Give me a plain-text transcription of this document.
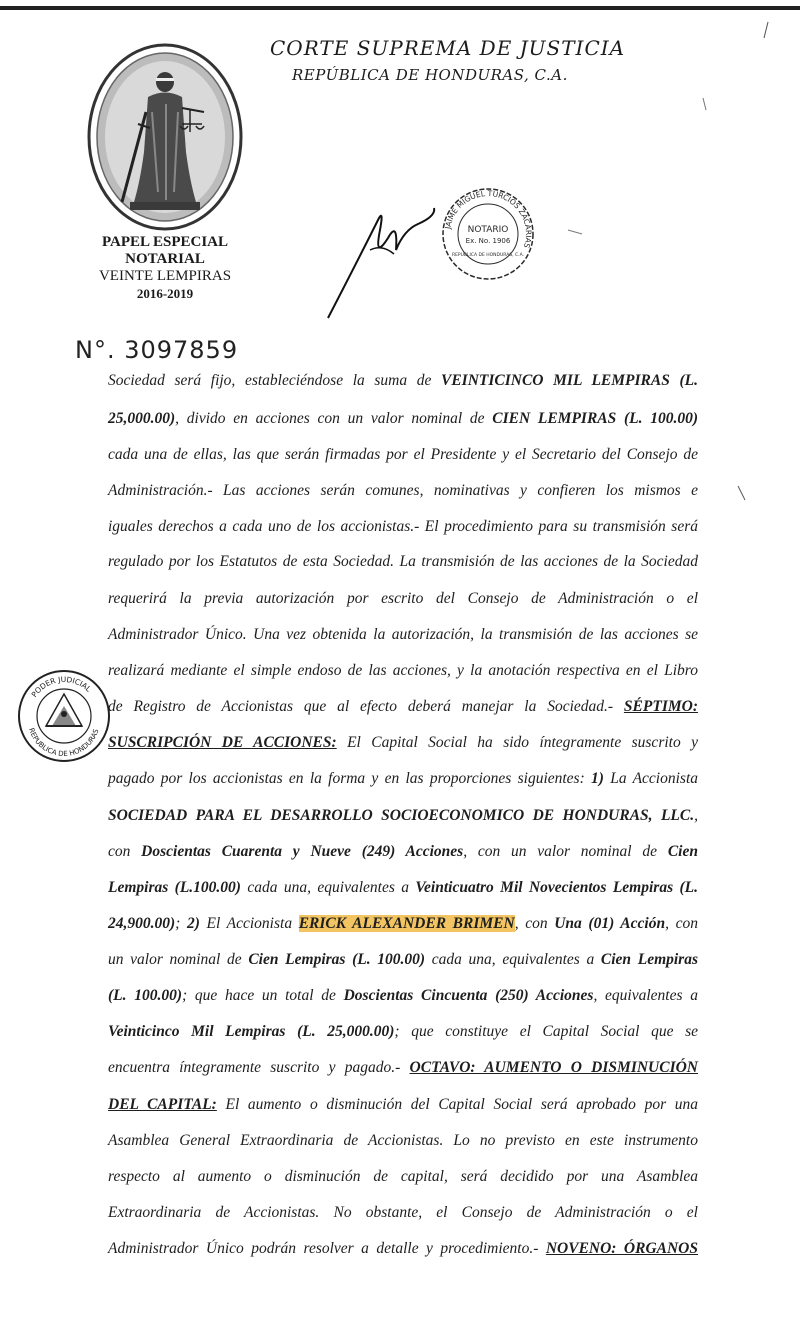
CORTE SUPREMA DE JUSTICIA
REPÚBLICA DE HONDURAS, C.A.
PAPEL ESPECIAL
NOTARIAL
VEINTE LEMPIRAS
2016-2019
JAIME MIGUEL TURCIOS ZACARIAS
NOTARIO
Ex. No. 1906
REPUBLICA DE HONDURAS, C.A.
N°. 3097859
PODER JUDICIAL
REPUBLICA DE HONDURAS
Sociedad será fijo, estableciéndose la suma de VEINTICINCO MIL LEMPIRAS (L.
25,000.00), divido en acciones con un valor nominal de CIEN LEMPIRAS (L. 100.00)
cada una de ellas, las que serán firmadas por el Presidente y el Secretario del Consejo de
Administración.- Las acciones serán comunes, nominativas y confieren los mismos e
iguales derechos a cada uno de los accionistas.- El procedimiento para su transmisión será
regulado por los Estatutos de esta Sociedad. La transmisión de las acciones de la Sociedad
requerirá la previa autorización por escrito del Consejo de Administración o el
Administrador Único. Una vez obtenida la autorización, la transmisión de las acciones se
realizará mediante el simple endoso de las acciones, y la anotación respectiva en el Libro
de Registro de Accionistas que al efecto deberá manejar la Sociedad.- SÉPTIMO:
SUSCRIPCIÓN DE ACCIONES: El Capital Social ha sido íntegramente suscrito y
pagado por los accionistas en la forma y en las proporciones siguientes: 1) La Accionista
SOCIEDAD PARA EL DESARROLLO SOCIOECONOMICO DE HONDURAS, LLC.,
con Doscientas Cuarenta y Nueve (249) Acciones, con un valor nominal de Cien
Lempiras (L.100.00) cada una, equivalentes a Veinticuatro Mil Novecientos Lempiras (L.
24,900.00); 2) El Accionista ERICK ALEXANDER BRIMEN, con Una (01) Acción, con
un valor nominal de Cien Lempiras (L. 100.00) cada una, equivalentes a Cien Lempiras
(L. 100.00); que hace un total de Doscientas Cincuenta (250) Acciones, equivalentes a
Veinticinco Mil Lempiras (L. 25,000.00); que constituye el Capital Social que se
encuentra íntegramente suscrito y pagado.- OCTAVO: AUMENTO O DISMINUCIÓN
DEL CAPITAL: El aumento o disminución del Capital Social será aprobado por una
Asamblea General Extraordinaria de Accionistas. Lo no previsto en este instrumento
respecto al aumento o disminución de capital, será decidido por una Asamblea
Extraordinaria de Accionistas. No obstante, el Consejo de Administración o el
Administrador Único podrán resolver a detalle y procedimiento.- NOVENO: ÓRGANOS
